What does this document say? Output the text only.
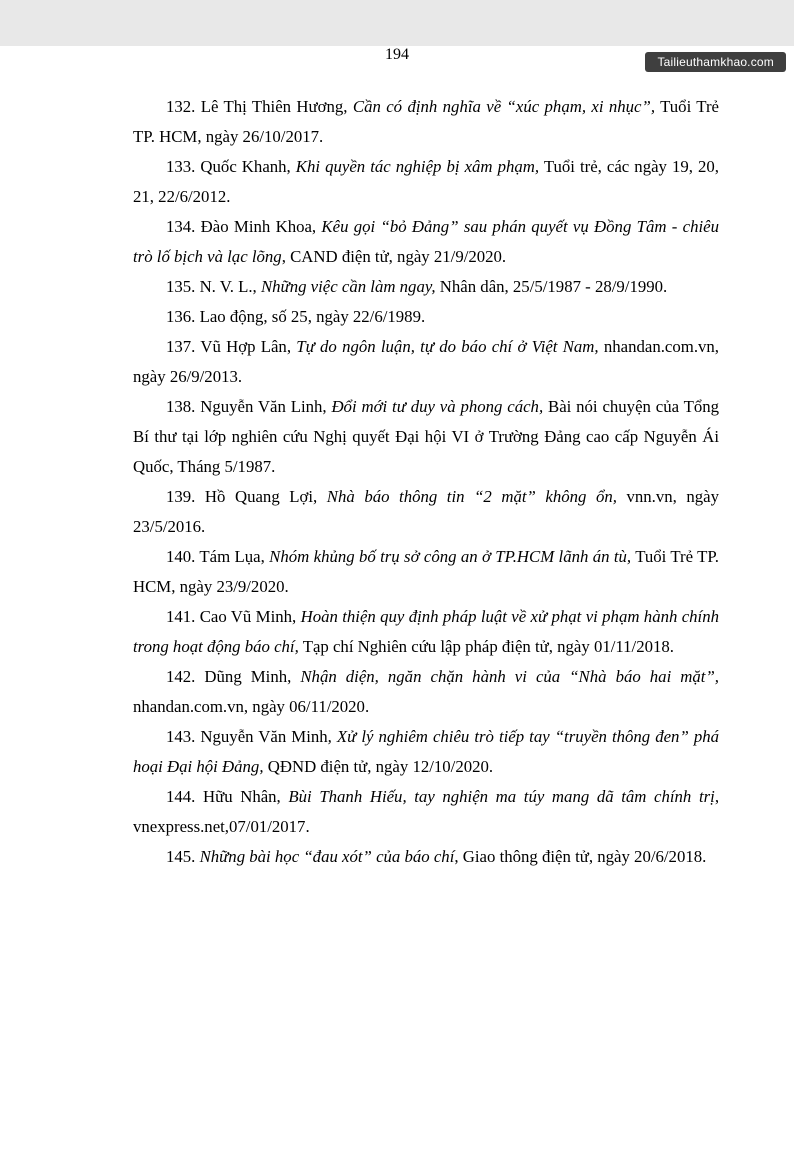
Tailieuthamkhao.com
194

132. Lê Thị Thiên Hương, Cần có định nghĩa về “xúc phạm, xi nhục”, Tuổi Trẻ TP. HCM, ngày 26/10/2017.

133. Quốc Khanh, Khi quyền tác nghiệp bị xâm phạm, Tuổi trẻ, các ngày 19, 20, 21, 22/6/2012.

134. Đào Minh Khoa, Kêu gọi “bỏ Đảng” sau phán quyết vụ Đồng Tâm - chiêu trò lố bịch và lạc lõng, CAND điện tử, ngày 21/9/2020.

135. N. V. L., Những việc cần làm ngay, Nhân dân, 25/5/1987 - 28/9/1990.

136. Lao động, số 25, ngày 22/6/1989.

137. Vũ Hợp Lân, Tự do ngôn luận, tự do báo chí ở Việt Nam, nhandan.com.vn, ngày 26/9/2013.

138. Nguyễn Văn Linh, Đổi mới tư duy và phong cách, Bài nói chuyện của Tổng Bí thư tại lớp nghiên cứu Nghị quyết Đại hội VI ở Trường Đảng cao cấp Nguyễn Ái Quốc, Tháng 5/1987.

139. Hồ Quang Lợi, Nhà báo thông tin “2 mặt” không ổn, vnn.vn, ngày 23/5/2016.

140. Tám Lụa, Nhóm khủng bố trụ sở công an ở TP.HCM lãnh án tù, Tuổi Trẻ TP. HCM, ngày 23/9/2020.

141. Cao Vũ Minh, Hoàn thiện quy định pháp luật về xử phạt vi phạm hành chính trong hoạt động báo chí, Tạp chí Nghiên cứu lập pháp điện tử, ngày 01/11/2018.

142. Dũng Minh, Nhận diện, ngăn chặn hành vi của “Nhà báo hai mặt”, nhandan.com.vn, ngày 06/11/2020.

143. Nguyễn Văn Minh, Xử lý nghiêm chiêu trò tiếp tay “truyền thông đen” phá hoại Đại hội Đảng, QĐND điện tử, ngày 12/10/2020.

144. Hữu Nhân, Bùi Thanh Hiếu, tay nghiện ma túy mang dã tâm chính trị, vnexpress.net,07/01/2017.

145. Những bài học “đau xót” của báo chí, Giao thông điện tử, ngày 20/6/2018.
